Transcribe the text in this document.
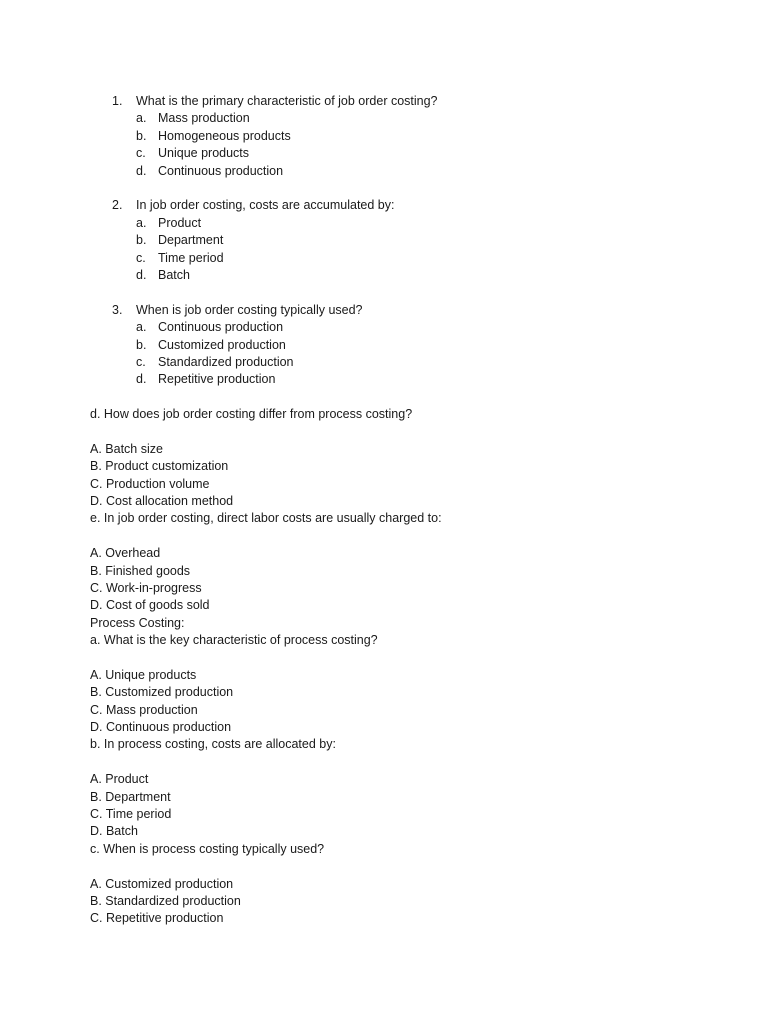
1. What is the primary characteristic of job order costing?
a. Mass production
b. Homogeneous products
c. Unique products
d. Continuous production
2. In job order costing, costs are accumulated by:
a. Product
b. Department
c. Time period
d. Batch
3. When is job order costing typically used?
a. Continuous production
b. Customized production
c. Standardized production
d. Repetitive production
d. How does job order costing differ from process costing?
A. Batch size
B. Product customization
C. Production volume
D. Cost allocation method
e. In job order costing, direct labor costs are usually charged to:
A. Overhead
B. Finished goods
C. Work-in-progress
D. Cost of goods sold
Process Costing:
a. What is the key characteristic of process costing?
A. Unique products
B. Customized production
C. Mass production
D. Continuous production
b. In process costing, costs are allocated by:
A. Product
B. Department
C. Time period
D. Batch
c. When is process costing typically used?
A. Customized production
B. Standardized production
C. Repetitive production
